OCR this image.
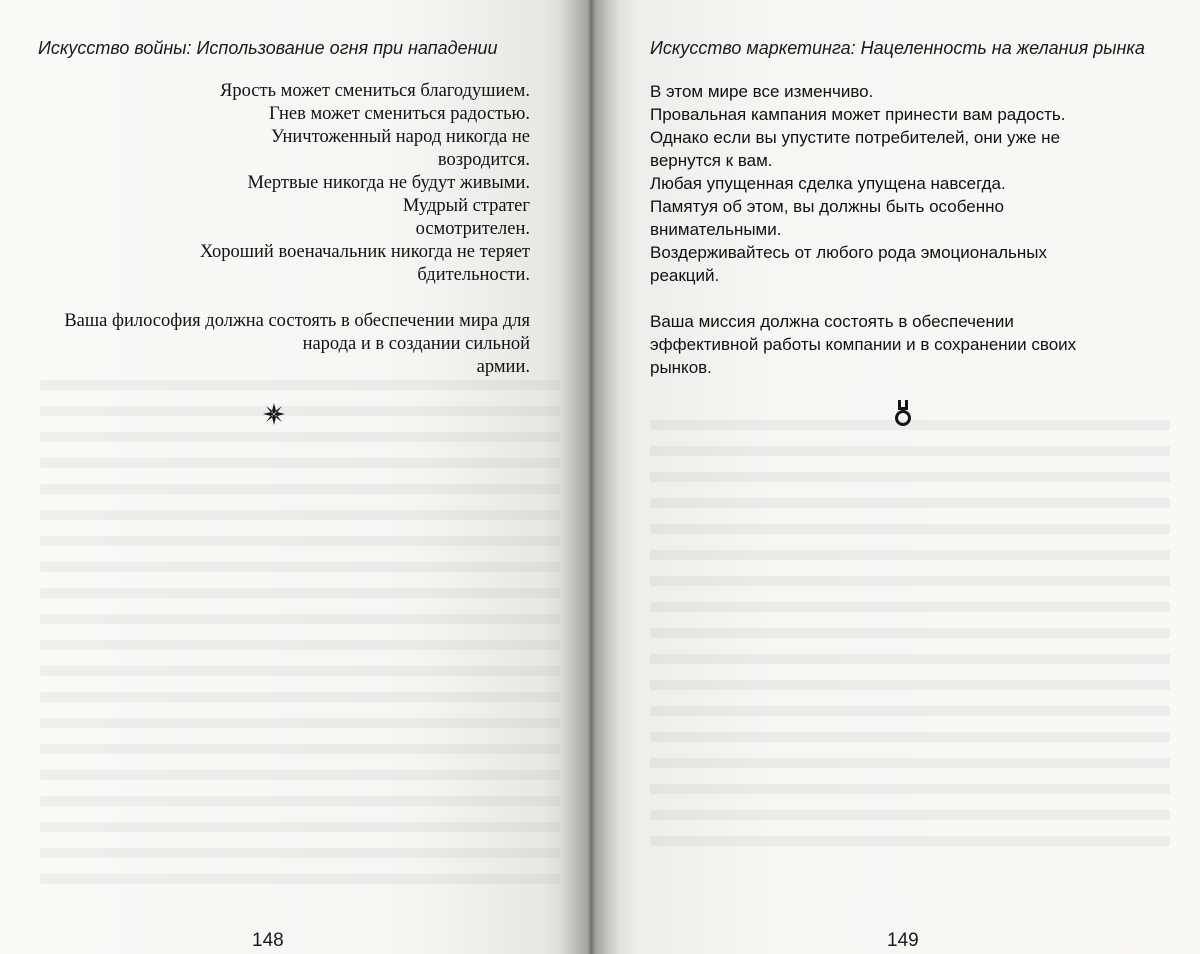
Искусство войны: Использование огня при нападении
Ярость может смениться благодушием.
Гнев может смениться радостью.
Уничтоженный народ никогда не
возродится.
Мертвые никогда не будут живыми.
Мудрый стратег
осмотрителен.
Хороший военачальник никогда не теряет
бдительности.
Ваша философия должна состоять в обеспечении мира для
народа и в создании сильной
армии.
148
Искусство маркетинга: Нацеленность на желания рынка
В этом мире все изменчиво.
Провальная кампания может принести вам радость.
Однако если вы упустите потребителей, они уже не
вернутся к вам.
Любая упущенная сделка упущена навсегда.
Памятуя об этом, вы должны быть особенно
внимательными.
Воздерживайтесь от любого рода эмоциональных
реакций.
Ваша миссия должна состоять в обеспечении
эффективной работы компании и в сохранении своих
рынков.
149
